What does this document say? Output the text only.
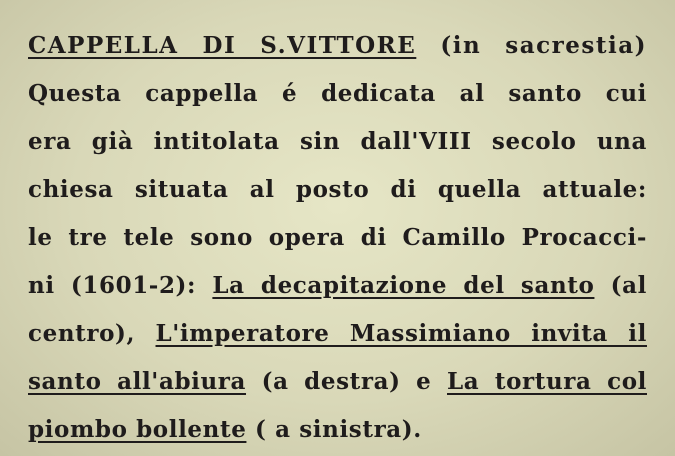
CAPPELLA DI S.VITTORE (in sacrestia)
Questa cappella é dedicata al santo cui
era già intitolata sin dall'VIII secolo una
chiesa situata al posto di quella attuale:
le tre tele sono opera di Camillo Procacci-
ni (1601-2): La decapitazione del santo (al
centro), L'imperatore Massimiano invita il
santo all'abiura (a destra) e La tortura col
piombo bollente ( a sinistra).
